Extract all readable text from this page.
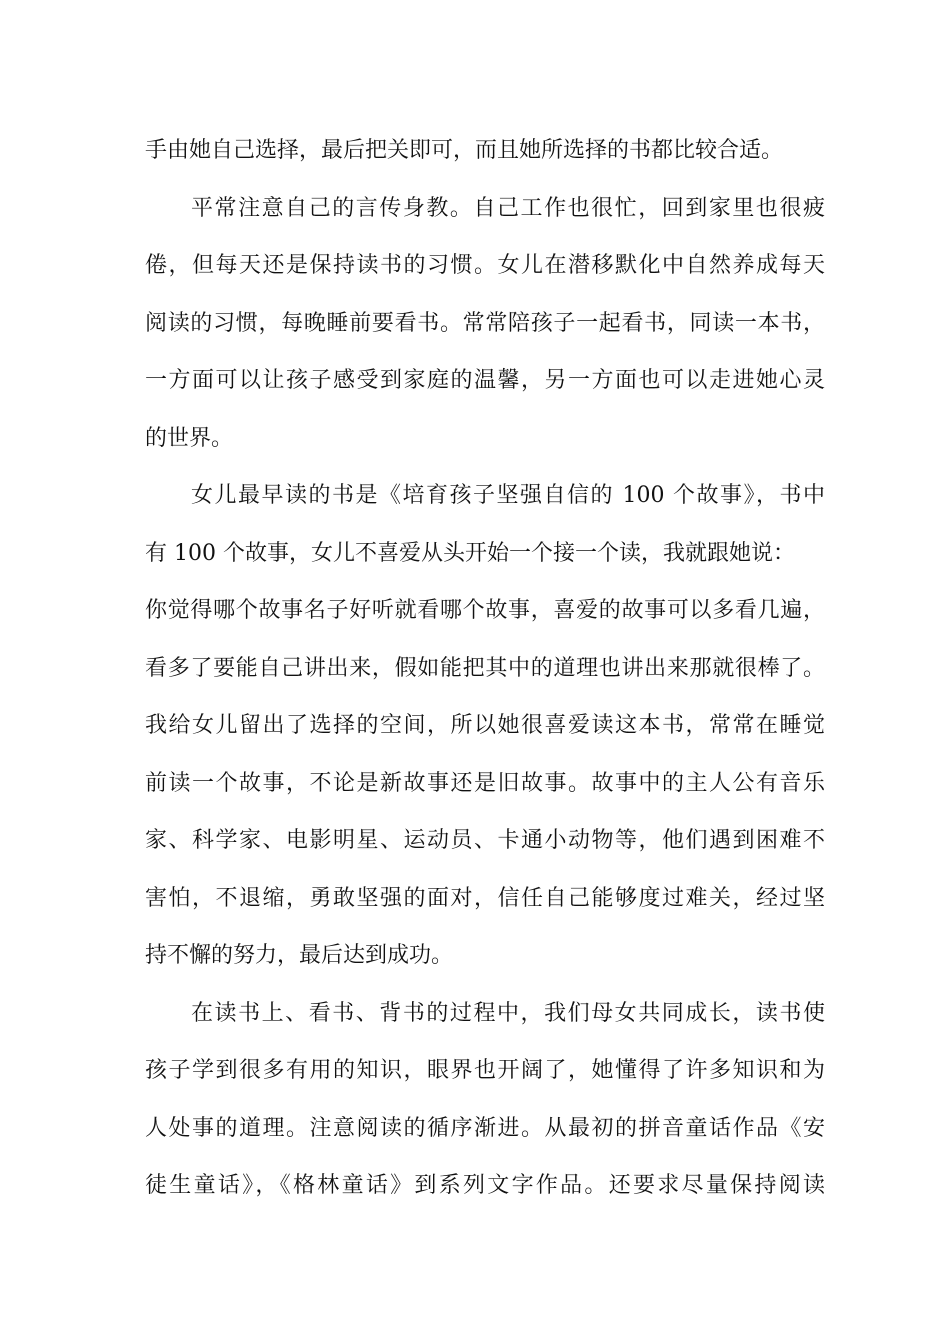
手由她自己选择，最后把关即可，而且她所选择的书都比较合适。
平常注意自己的言传身教。自己工作也很忙，回到家里也很疲
倦，但每天还是保持读书的习惯。女儿在潜移默化中自然养成每天
阅读的习惯，每晚睡前要看书。常常陪孩子一起看书，同读一本书，
一方面可以让孩子感受到家庭的温馨，另一方面也可以走进她心灵
的世界。
女儿最早读的书是《培育孩子坚强自信的 100 个故事》，书中
有 100 个故事，女儿不喜爱从头开始一个接一个读，我就跟她说：
你觉得哪个故事名子好听就看哪个故事，喜爱的故事可以多看几遍，
看多了要能自己讲出来，假如能把其中的道理也讲出来那就很棒了。
我给女儿留出了选择的空间，所以她很喜爱读这本书，常常在睡觉
前读一个故事，不论是新故事还是旧故事。故事中的主人公有音乐
家、科学家、电影明星、运动员、卡通小动物等，他们遇到困难不
害怕，不退缩，勇敢坚强的面对，信任自己能够度过难关，经过坚
持不懈的努力，最后达到成功。
在读书上、看书、背书的过程中，我们母女共同成长，读书使
孩子学到很多有用的知识，眼界也开阔了，她懂得了许多知识和为
人处事的道理。注意阅读的循序渐进。从最初的拼音童话作品《安
徒生童话》，《格林童话》到系列文字作品。还要求尽量保持阅读
